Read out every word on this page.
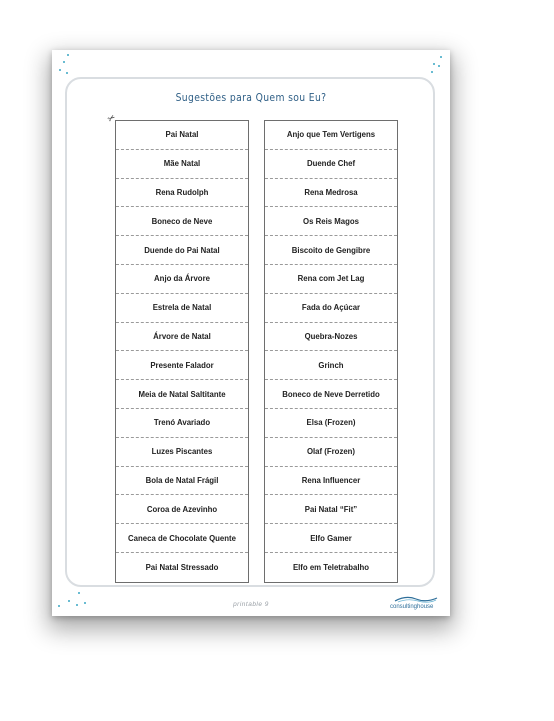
Sugestões para Quem sou Eu?
✂
Pai Natal
Mãe Natal
Rena Rudolph
Boneco de Neve
Duende do Pai Natal
Anjo da Árvore
Estrela de Natal
Árvore de Natal
Presente Falador
Meia de Natal Saltitante
Trenó Avariado
Luzes Piscantes
Bola de Natal Frágil
Coroa de Azevinho
Caneca de Chocolate Quente
Pai Natal Stressado
Anjo que Tem Vertigens
Duende Chef
Rena Medrosa
Os Reis Magos
Biscoito de Gengibre
Rena com Jet Lag
Fada do Açúcar
Quebra-Nozes
Grinch
Boneco de Neve Derretido
Elsa (Frozen)
Olaf (Frozen)
Rena Influencer
Pai Natal “Fit”
Elfo Gamer
Elfo em Teletrabalho
printable 9	consultinghouse
